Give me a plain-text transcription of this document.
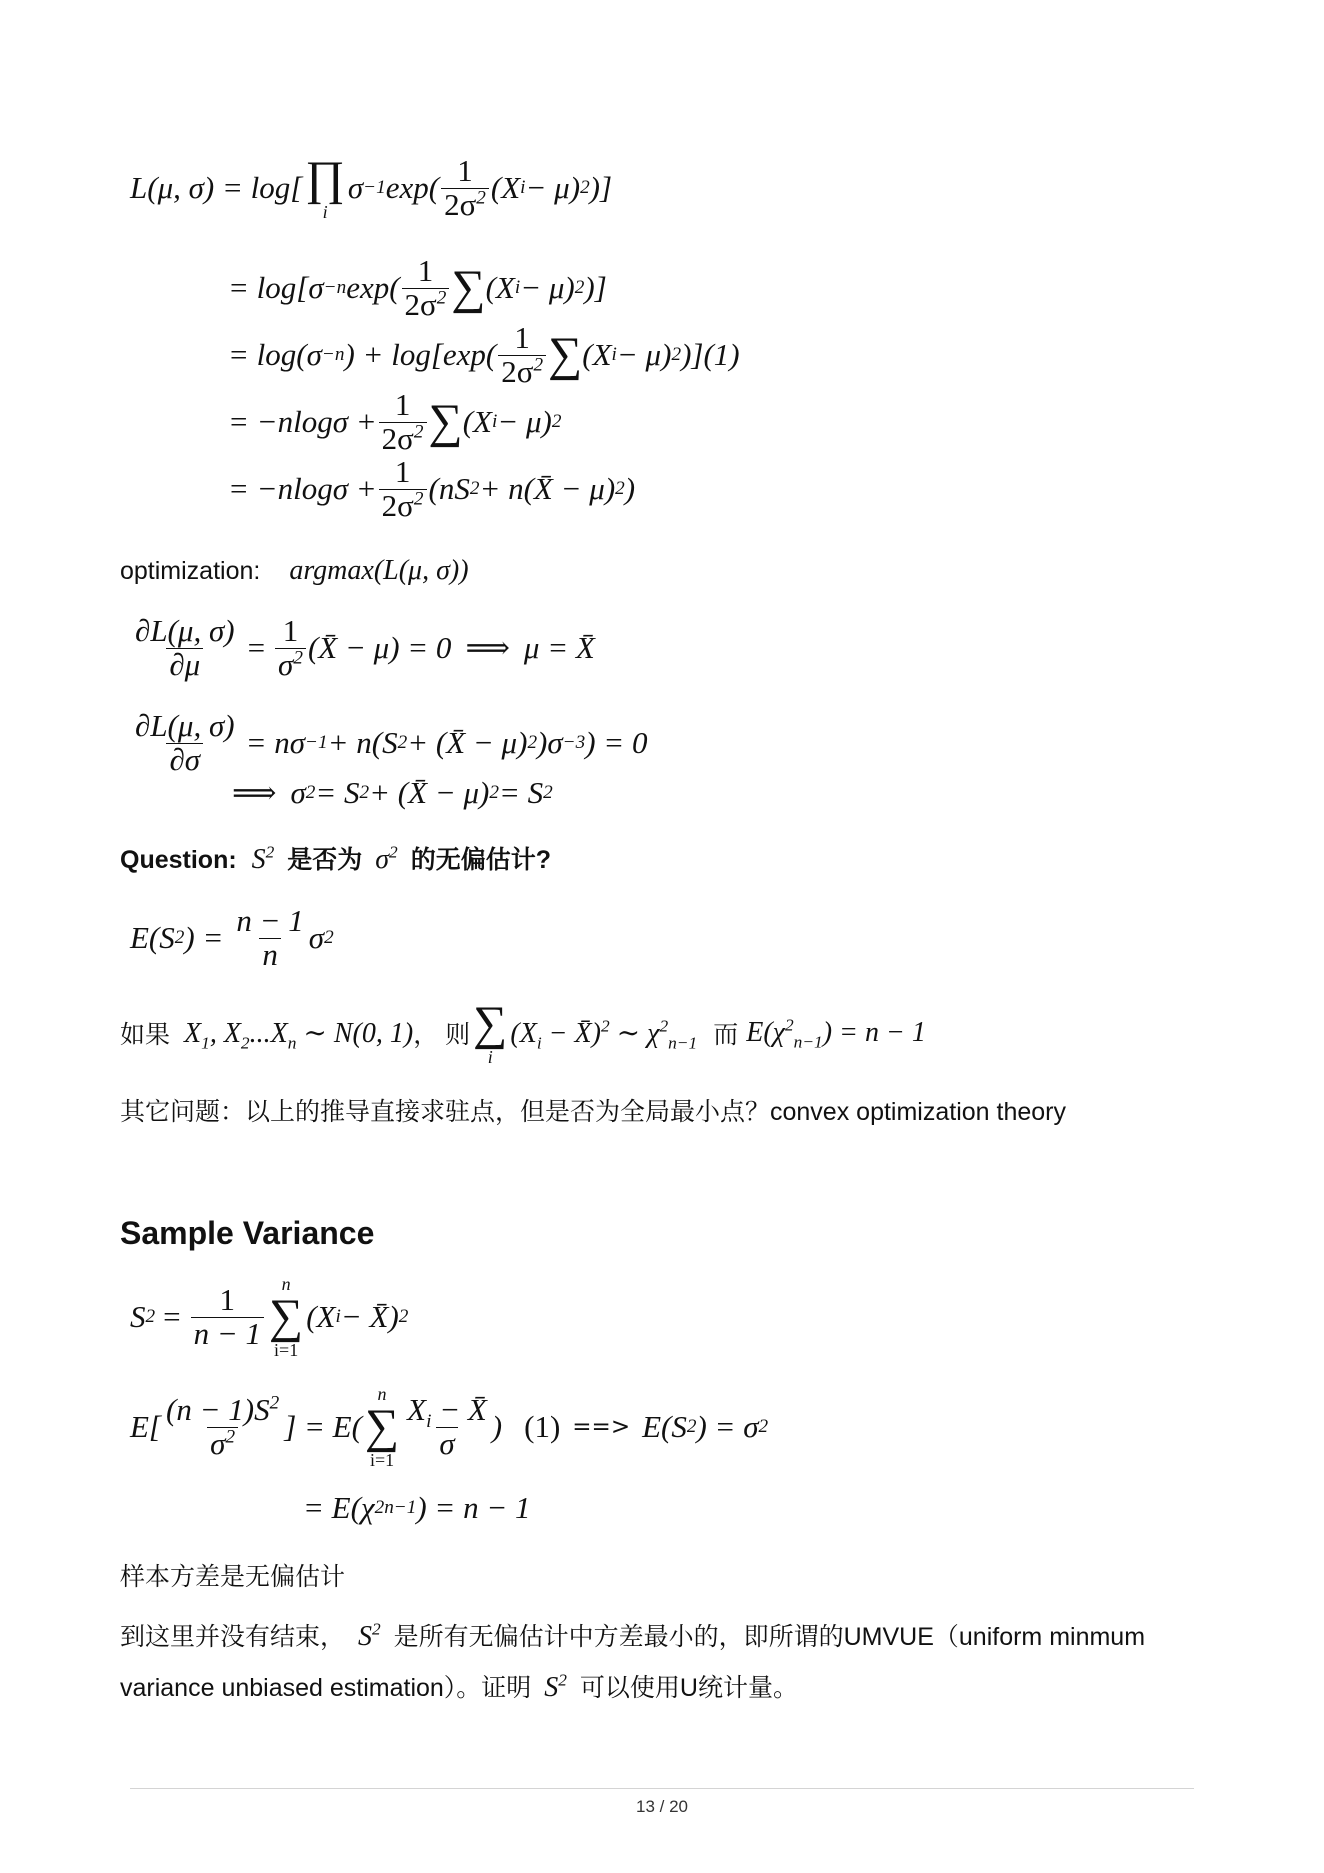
L(μ, σ) = log[ ∏
i
σ −1 $\exp( \frac{1}{2\sigma^2} (X$ i − μ) 2 )]
= log[σ −n $\exp( \frac{1}{2\sigma^2}$ ∑ (X i − μ) 2 )]
= log(σ −n ) + $\log[\exp( \frac{1}{2\sigma^2}$ ∑ (X i − μ) 2 )](1)
= $-nlog\sigma + \frac{1}{2\sigma^2}$ ∑ (X i − μ) 2
= $-nlog\sigma + \frac{1}{2\sigma^2} (nS$ 2 + n(X̄ − μ) 2 )
optimization: argmax(L(μ, σ))
$\frac{\partial L(\mu, \sigma)}{\partial\mu} = \frac{1}{\sigma^2}$ (X̄ − μ) = 0 ⟹ μ = X̄
$\frac{\partial L(\mu, \sigma)}{\partial\sigma} = n\sigma -1 + n(S$ 2 + (X̄ − μ) 2 )σ −3 ) = 0
⟹ σ 2 = S 2 + (X̄ − μ) 2 = S 2
Question: $S^2$ 是否为 $\sigma^2$ 的无偏估计?
E(S 2 ) = $\frac{n - 1}{n}$ σ 2
如果 $X_1$, $X_2...X_n$ ∼ N(0, 1) ， 则 ∑
i
($X_i$ − X̄)$^2$ ∼ $\chi^2_{n-1}$ 而 $E(\chi^2_{n-1}) = n - 1$
其它问题：以上的推导直接求驻点，但是否为全局最小点？convex optimization theory
Sample Variance
S $2 = \frac{1}{n - 1}$ n
∑
i=1
(X i − X̄) 2
$E[ \frac{(n - 1)S^2}{\sigma^2}$ ] = E(
n
∑
$i=1 \frac{X_i - X̄}{\sigma}$ ) (1) ==> E(S 2 ) = σ 2
= E(χ 2 n−1 ) = n − 1
样本方差是无偏估计
到这里并没有结束， $S^2$ 是所有无偏估计中方差最小的，即所谓的UMVUE（uniform minmum
variance unbiased estimation）。证明 $S^2$ 可以使用U统计量。
13 / 20
